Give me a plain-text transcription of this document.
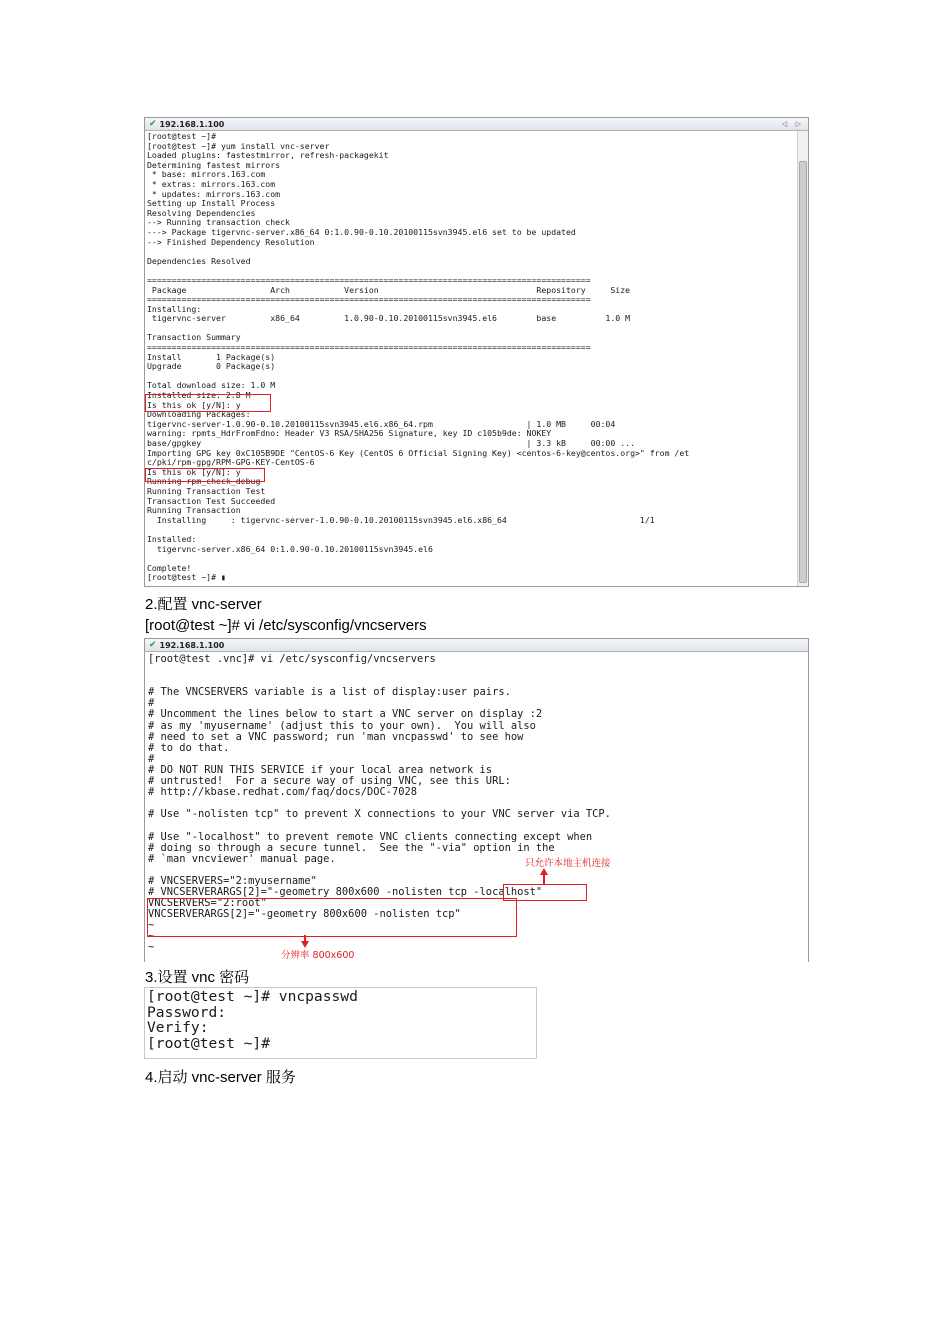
✔ 192.168.1.100	◁ ▷
[root@test ~]#
[root@test ~]# yum install vnc-server
Loaded plugins: fastestmirror, refresh-packagekit
Determining fastest mirrors
* base: mirrors.163.com
* extras: mirrors.163.com
* updates: mirrors.163.com
Setting up Install Process
Resolving Dependencies
--> Running transaction check
---> Package tigervnc-server.x86_64 0:1.0.90-0.10.20100115svn3945.el6 set to be updated
--> Finished Dependency Resolution

Dependencies Resolved

==========================================================================================
Package                 Arch           Version                                Repository     Size
==========================================================================================
Installing:
tigervnc-server         x86_64         1.0.90-0.10.20100115svn3945.el6        base          1.0 M

Transaction Summary
==========================================================================================
Install       1 Package(s)
Upgrade       0 Package(s)

Total download size: 1.0 M
Installed size: 2.8 M
Is this ok [y/N]: y
Downloading Packages:
tigervnc-server-1.0.90-0.10.20100115svn3945.el6.x86_64.rpm                   | 1.0 MB     00:04
warning: rpmts_HdrFromFdno: Header V3 RSA/SHA256 Signature, key ID c105b9de: NOKEY
base/gpgkey                                                                  | 3.3 kB     00:00 ...
Importing GPG key 0xC105B9DE "CentOS-6 Key (CentOS 6 Official Signing Key) <centos-6-key@centos.org>" from /et
c/pki/rpm-gpg/RPM-GPG-KEY-CentOS-6
Is this ok [y/N]: y
Running rpm_check_debug
Running Transaction Test
Transaction Test Succeeded
Running Transaction
Installing     : tigervnc-server-1.0.90-0.10.20100115svn3945.el6.x86_64                           1/1

Installed:
tigervnc-server.x86_64 0:1.0.90-0.10.20100115svn3945.el6

Complete!
[root@test ~]# ▮
2.配置 vnc-server
[root@test ~]# vi /etc/sysconfig/vncservers
✔ 192.168.1.100
[root@test .vnc]# vi /etc/sysconfig/vncservers

# The VNCSERVERS variable is a list of display:user pairs.
#
# Uncomment the lines below to start a VNC server on display :2
# as my 'myusername' (adjust this to your own).  You will also
# need to set a VNC password; run 'man vncpasswd' to see how
# to do that.
#
# DO NOT RUN THIS SERVICE if your local area network is
# untrusted!  For a secure way of using VNC, see this URL:
# http://kbase.redhat.com/faq/docs/DOC-7028

# Use "-nolisten tcp" to prevent X connections to your VNC server via TCP.

# Use "-localhost" to prevent remote VNC clients connecting except when
# doing so through a secure tunnel.  See the "-via" option in the
# `man vncviewer' manual page.

# VNCSERVERS="2:myusername"
# VNCSERVERARGS[2]="-geometry 800x600 -nolisten tcp -localhost"
VNCSERVERS="2:root"
VNCSERVERARGS[2]="-geometry 800x600 -nolisten tcp"
~
~
~
只允许本地主机连接
分辨率 800x600
3.设置 vnc 密码
[root@test ~]# vncpasswd
Password:
Verify:
[root@test ~]#
4.启动 vnc-server 服务
